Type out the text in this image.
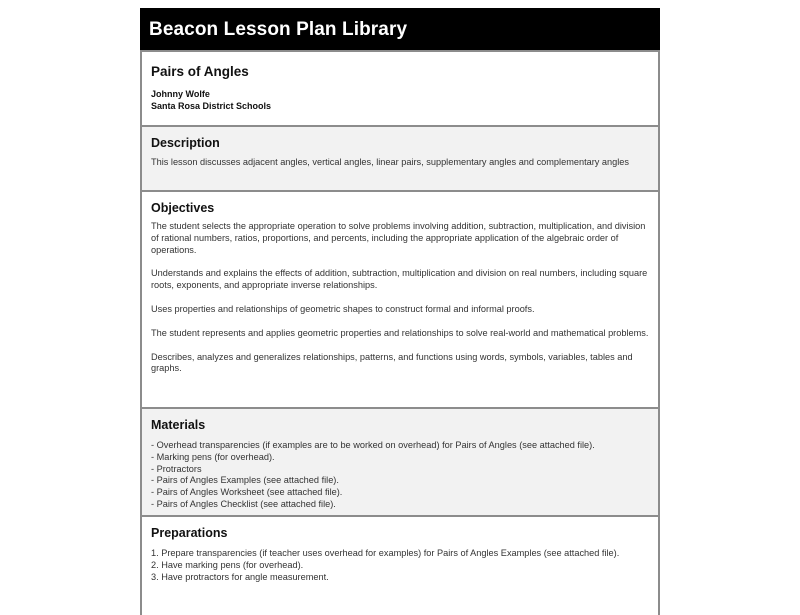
Beacon Lesson Plan Library
Pairs of Angles
Johnny Wolfe
Santa Rosa District Schools
Description
This lesson discusses adjacent angles, vertical angles, linear pairs, supplementary angles and complementary angles
Objectives

The student selects the appropriate operation to solve problems involving addition, subtraction, multiplication, and division of rational numbers, ratios, proportions, and percents, including the appropriate application of the algebraic order of operations.

Understands and explains the effects of addition, subtraction, multiplication and division on real numbers, including square roots, exponents, and appropriate inverse relationships.

Uses properties and relationships of geometric shapes to construct formal and informal proofs.

The student represents and applies geometric properties and relationships to solve real-world and mathematical problems.

Describes, analyzes and generalizes relationships, patterns, and functions using words, symbols, variables, tables and graphs.

Materials
- Overhead transparencies (if examples are to be worked on overhead) for Pairs of Angles (see attached file).
- Marking pens (for overhead).
- Protractors
- Pairs of Angles Examples (see attached file).
- Pairs of Angles Worksheet (see attached file).
- Pairs of Angles Checklist (see attached file).
Preparations
1. Prepare transparencies (if teacher uses overhead for examples) for Pairs of Angles Examples (see attached file).
2. Have marking pens (for overhead).
3. Have protractors for angle measurement.
